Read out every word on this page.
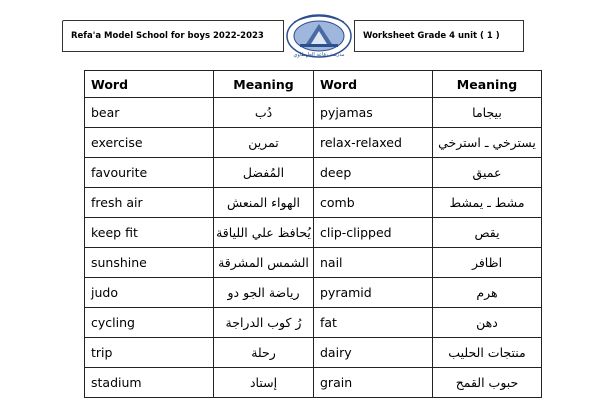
Refa'a Model School for boys 2022-2023
مدرسة رفاعة الطهطاوي
Worksheet Grade 4 unit ( 1 )
Word	Meaning	Word	Meaning
bear	دُب	pyjamas	بيجاما
exercise	تمرين	relax-relaxed	يسترخي ـ استرخي
favourite	المُفضل	deep	عميق
fresh air	الهواء المنعش	comb	مشط ـ يمشط
keep fit	يُحافظ علي اللياقة	clip-clipped	يقص
sunshine	الشمس المشرقة	nail	اظافر
judo	رياضة الجو دو	pyramid	هرم
cycling	رُ كوب الدراجة	fat	دهن
trip	رحلة	dairy	منتجات الحليب
stadium	إستاد	grain	حبوب القمح
